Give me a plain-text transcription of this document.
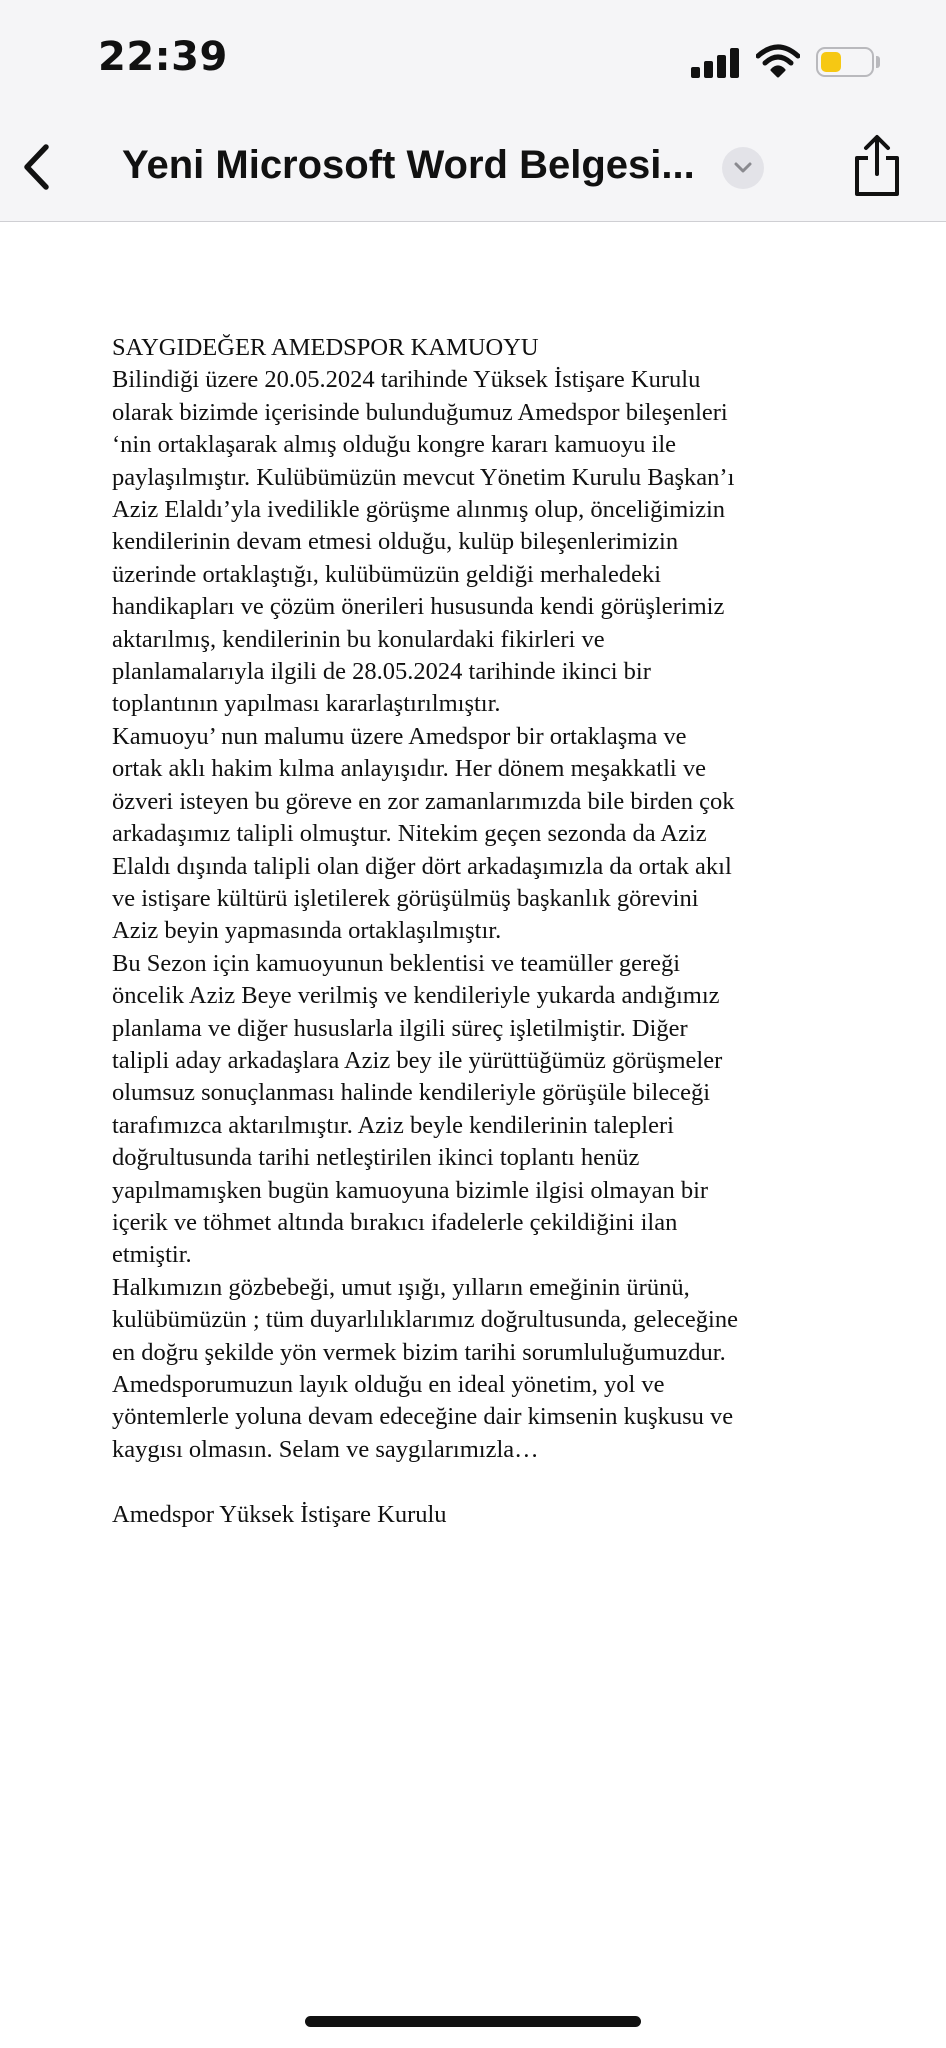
22:39
Yeni Microsoft Word Belgesi...

SAYGIDEĞER AMEDSPOR KAMUOYU

Bilindiği üzere 20.05.2024 tarihinde Yüksek İstişare Kurulu

olarak bizimde içerisinde bulunduğumuz Amedspor bileşenleri

‘nin ortaklaşarak almış olduğu kongre kararı kamuoyu ile

paylaşılmıştır. Kulübümüzün mevcut Yönetim Kurulu Başkan’ı

Aziz Elaldı’yla ivedilikle görüşme alınmış olup, önceliğimizin

kendilerinin devam etmesi olduğu, kulüp bileşenlerimizin

üzerinde ortaklaştığı, kulübümüzün geldiği merhaledeki

handikapları ve çözüm önerileri hususunda kendi görüşlerimiz

aktarılmış, kendilerinin bu konulardaki fikirleri ve

planlamalarıyla ilgili de 28.05.2024 tarihinde ikinci bir

toplantının yapılması kararlaştırılmıştır.

Kamuoyu’ nun malumu üzere Amedspor bir ortaklaşma ve

ortak aklı hakim kılma anlayışıdır. Her dönem meşakkatli ve

özveri isteyen bu göreve en zor zamanlarımızda bile birden çok

arkadaşımız talipli olmuştur. Nitekim geçen sezonda da Aziz

Elaldı dışında talipli olan diğer dört arkadaşımızla da ortak akıl

ve istişare kültürü işletilerek görüşülmüş başkanlık görevini

Aziz beyin yapmasında ortaklaşılmıştır.

Bu Sezon için kamuoyunun beklentisi ve teamüller gereği

öncelik Aziz Beye verilmiş ve kendileriyle yukarda andığımız

planlama ve diğer hususlarla ilgili süreç işletilmiştir. Diğer

talipli aday arkadaşlara Aziz bey ile yürüttüğümüz görüşmeler

olumsuz sonuçlanması halinde kendileriyle görüşüle bileceği

tarafımızca aktarılmıştır. Aziz beyle kendilerinin talepleri

doğrultusunda tarihi netleştirilen ikinci toplantı henüz

yapılmamışken bugün kamuoyuna bizimle ilgisi olmayan bir

içerik ve töhmet altında bırakıcı ifadelerle çekildiğini ilan

etmiştir.

Halkımızın gözbebeği, umut ışığı, yılların emeğinin ürünü,

kulübümüzün ; tüm duyarlılıklarımız doğrultusunda, geleceğine

en doğru şekilde yön vermek bizim tarihi sorumluluğumuzdur.

Amedsporumuzun layık olduğu en ideal yönetim, yol ve

yöntemlerle yoluna devam edeceğine dair kimsenin kuşkusu ve

kaygısı olmasın. Selam ve saygılarımızla…

Amedspor Yüksek İstişare Kurulu
